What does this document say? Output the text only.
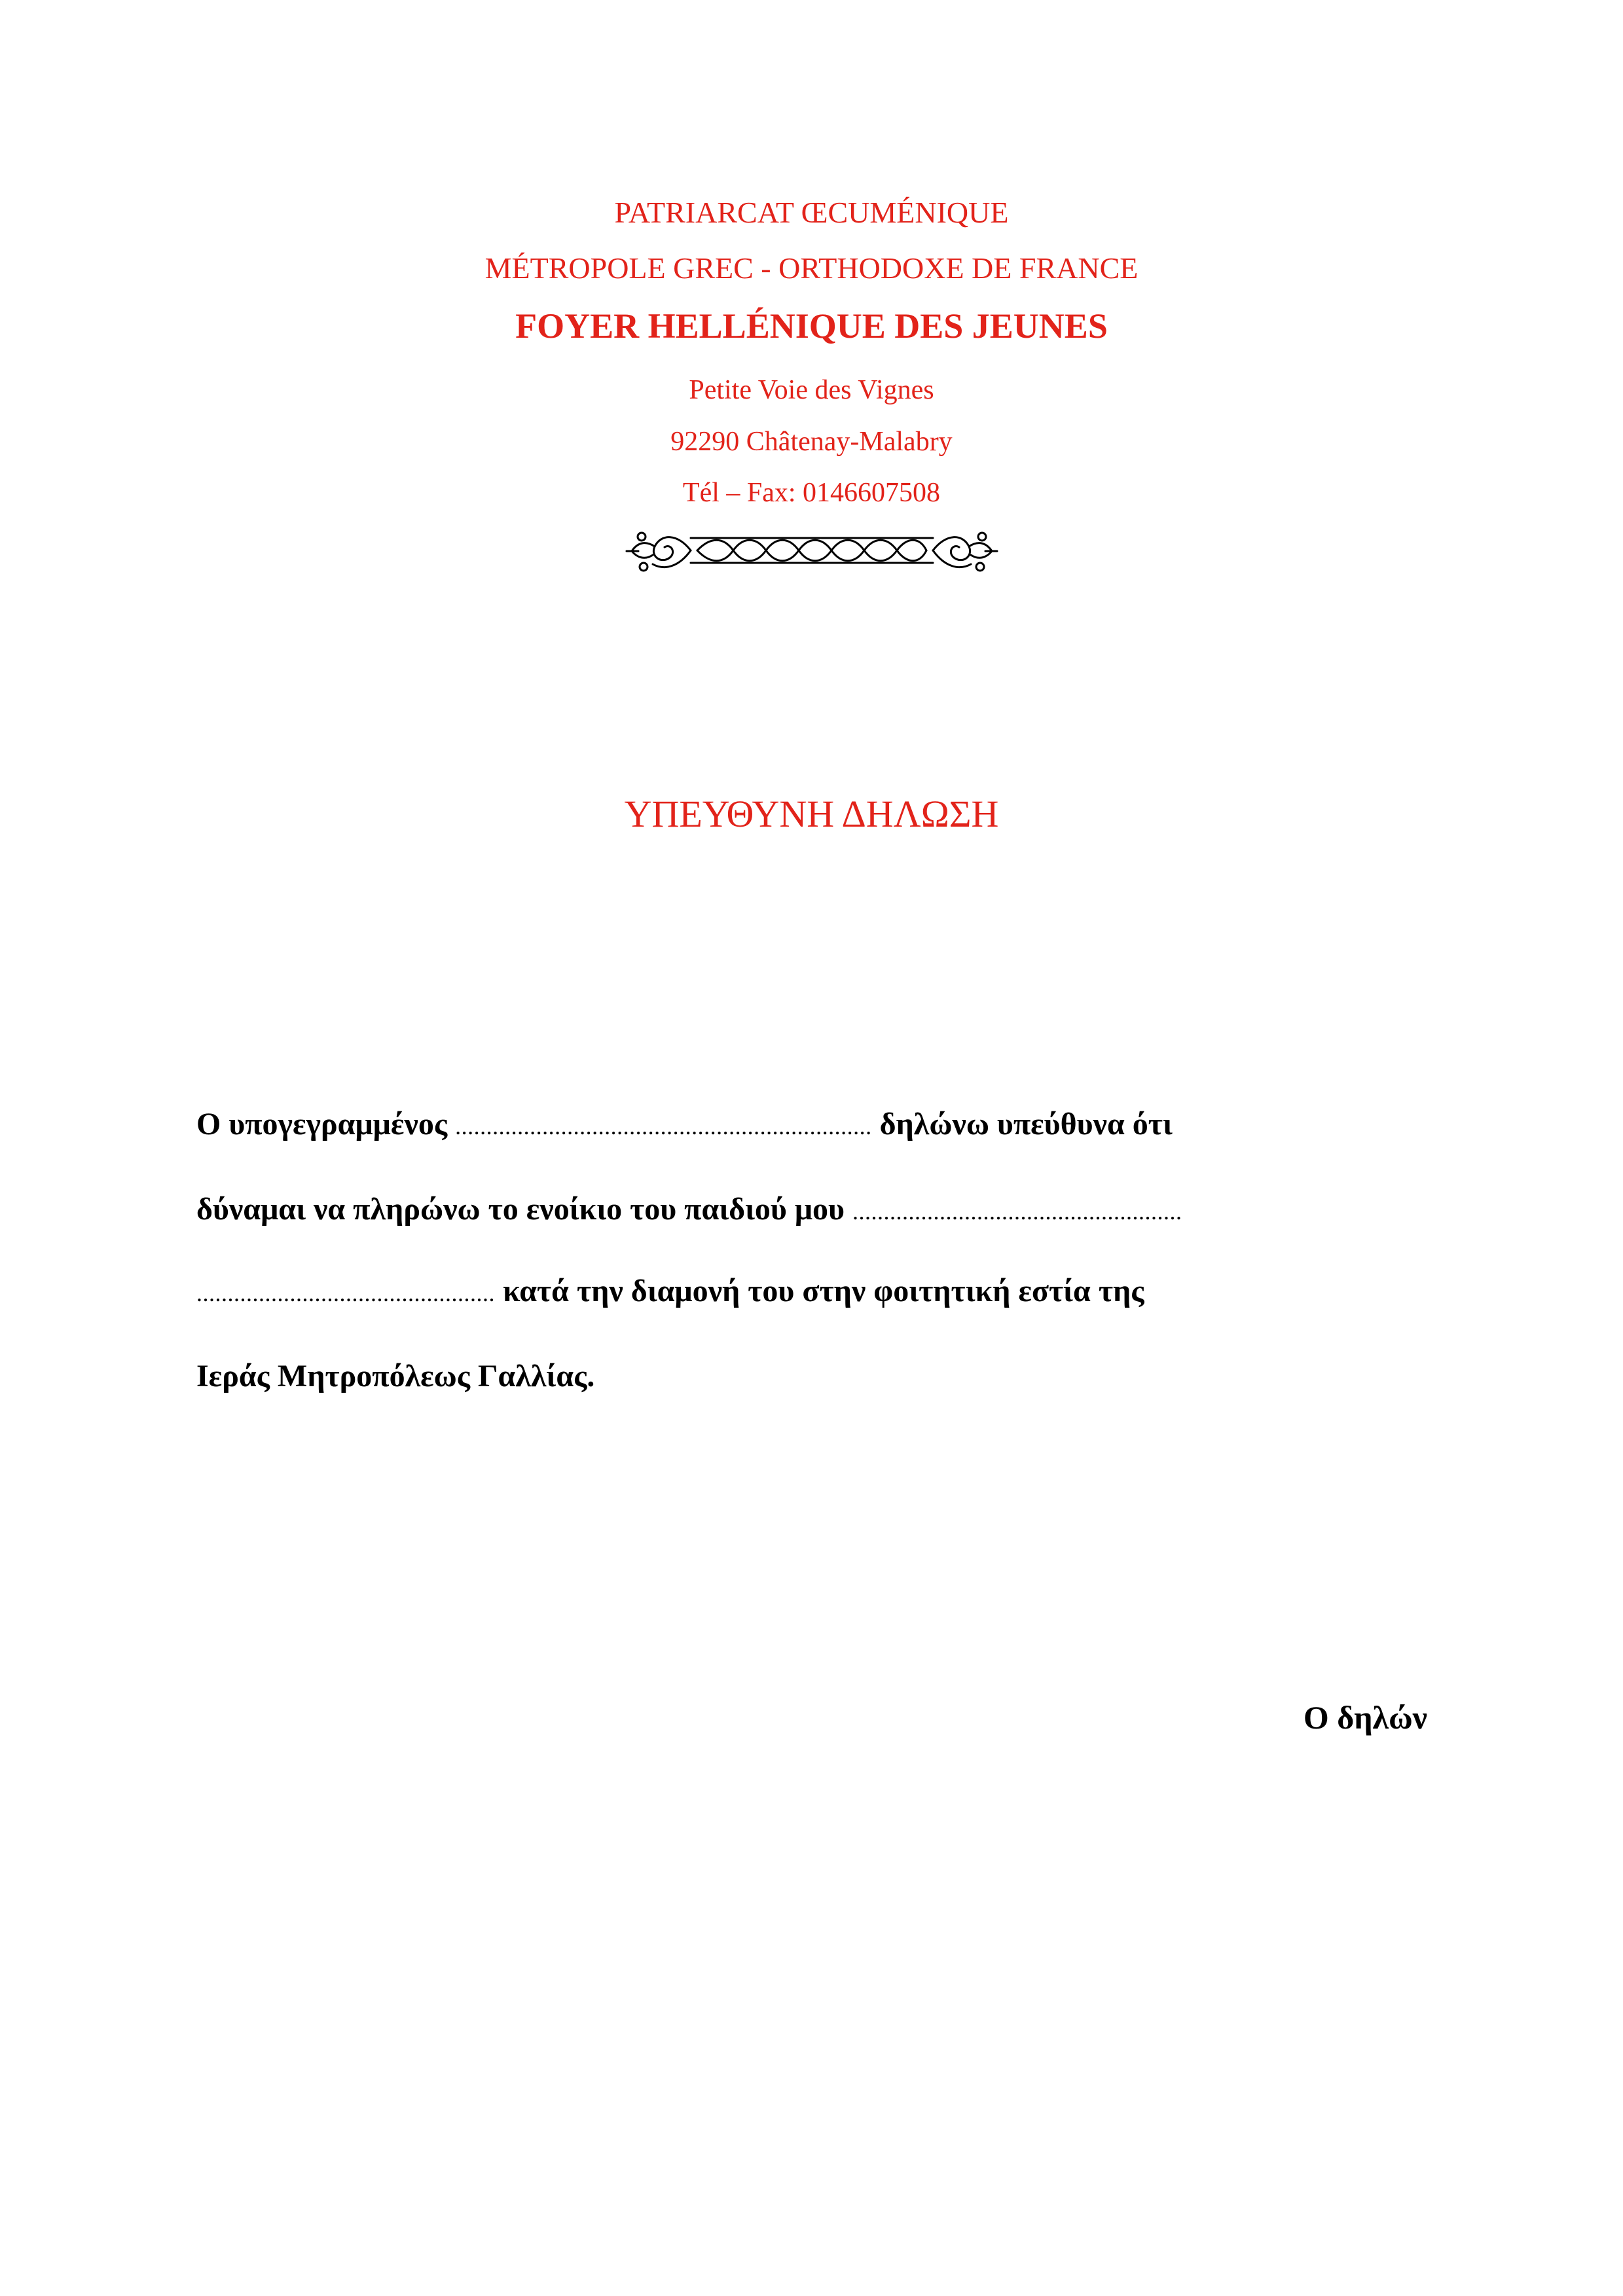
PATRIARCAT ŒCUMÉNIQUE
MÉTROPOLE GREC - ORTHODOXE DE FRANCE
FOYER HELLÉNIQUE DES JEUNES
Petite Voie des Vignes
92290 Châtenay-Malabry
Tél – Fax: 0146607508
ΥΠΕΥΘΥΝΗ ΔΗΛΩΣΗ
Ο υπογεγραμμένος ................................................................... δηλώνω υπεύθυνα ότι
δύναμαι να πληρώνω το ενοίκιο του παιδιού μου .....................................................
................................................ κατά την διαμονή του στην φοιτητική εστία της
Ιεράς Μητροπόλεως Γαλλίας.
Ο δηλών
